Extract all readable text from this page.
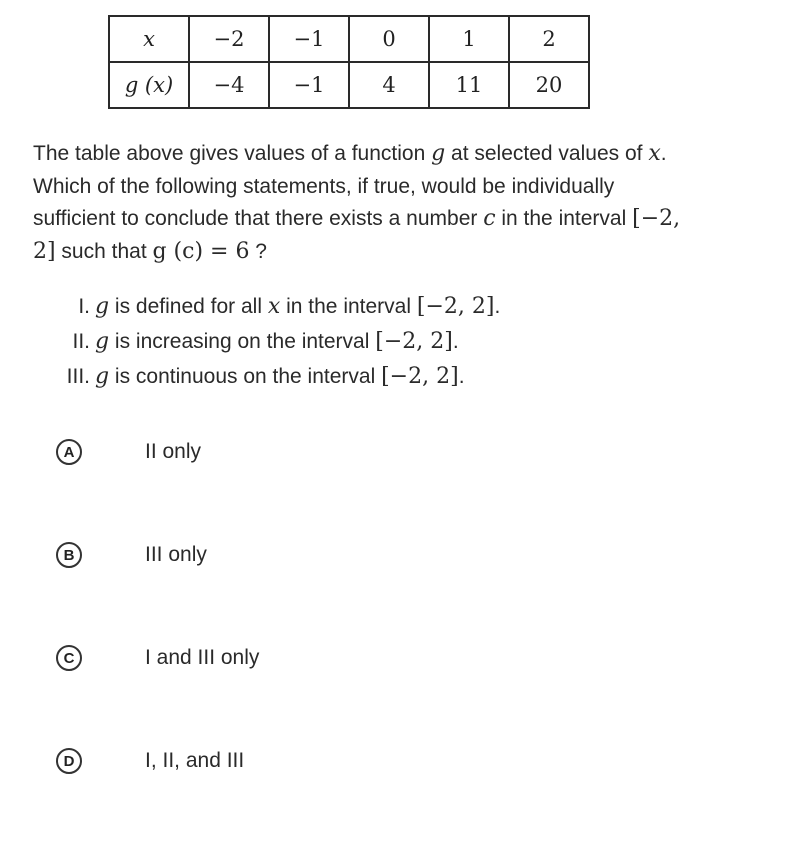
x	−2	−1	0	1	2
g (x)	−4	−1	4	11	20
The table above gives values of a function g at selected values of x. Which of the following statements, if true, would be individually sufficient to conclude that there exists a number c in the interval [−2, 2] such that g (c) = 6 ?
I. g is defined for all x in the interval [−2, 2].
II. g is increasing on the interval [−2, 2].
III. g is continuous on the interval [−2, 2].
A	II only
B	III only
C	I and III only
D	I, II, and III
